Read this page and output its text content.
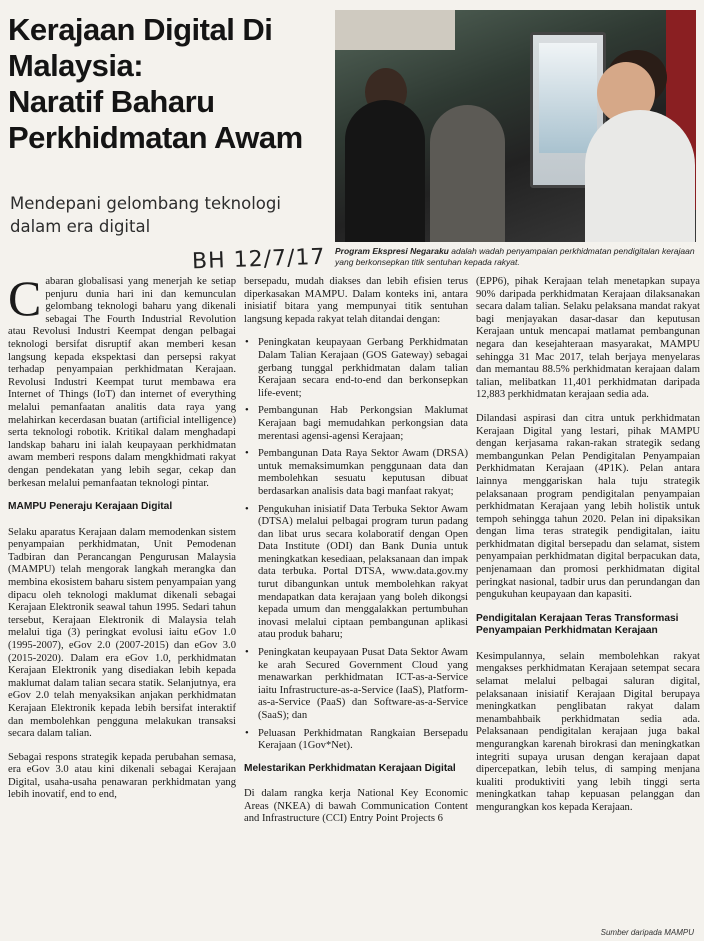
Kerajaan Digital Di
Malaysia:
Naratif Baharu
Perkhidmatan Awam
Mendepani gelombang teknologi dalam era digital
Program Ekspresi Negaraku adalah wadah penyampaian perkhidmatan pendigitalan kerajaan yang berkonsepkan titik sentuhan kepada rakyat.
BH 12/7/17

Cabaran globalisasi yang menerjah ke setiap penjuru dunia hari ini dan kemunculan gelombang teknologi baharu yang dikenali sebagai The Fourth Industrial Revolution atau Revolusi Industri Keempat dengan pelbagai teknologi bersifat disruptif akan memberi kesan langsung kepada ekspektasi dan persepsi rakyat terhadap penyampaian perkhidmatan Kerajaan. Revolusi Industri Keempat turut membawa era Internet of Things (IoT) dan internet of everything melalui pemanfaatan analitis data raya yang melahirkan kecerdasan buatan (artificial intelligence) serta teknologi robotik. Kritikal dalam menghadapi landskap baharu ini ialah keupayaan perkhidmatan awam memberi respons dalam mengkhidmati rakyat dengan pendekatan yang lebih segar, cekap dan berkesan melalui pemanfaatan teknologi pintar.

MAMPU Peneraju Kerajaan Digital

Selaku aparatus Kerajaan dalam memodenkan sistem penyampaian perkhidmatan, Unit Pemodenan Tadbiran dan Perancangan Pengurusan Malaysia (MAMPU) telah mengorak langkah merangka dan membina ekosistem baharu sistem penyampaian yang dipacu oleh teknologi maklumat dikenali sebagai Kerajaan Elektronik seawal tahun 1995. Sedari tahun tersebut, Kerajaan Elektronik di Malaysia telah melalui tiga (3) peringkat evolusi iaitu eGov 1.0 (1995-2007), eGov 2.0 (2007-2015) dan eGov 3.0 (2015-2020). Dalam era eGov 1.0, perkhidmatan Kerajaan Elektronik yang disediakan lebih kepada maklumat dalam talian secara statik. Selanjutnya, era eGov 2.0 telah menyaksikan anjakan perkhidmatan Kerajaan Elektronik kepada lebih bersifat interaktif dan membolehkan pengguna melakukan transaksi secara dalam talian.

Sebagai respons strategik kepada perubahan semasa, era eGov 3.0 atau kini dikenali sebagai Kerajaan Digital, usaha-usaha penawaran perkhidmatan yang lebih inovatif, end to end,

bersepadu, mudah diakses dan lebih efisien terus diperkasakan MAMPU. Dalam konteks ini, antara inisiatif bitara yang mempunyai titik sentuhan langsung kepada rakyat telah ditandai dengan:

• Peningkatan keupayaan Gerbang Perkhidmatan Dalam Talian Kerajaan (GOS Gateway) sebagai gerbang tunggal perkhidmatan dalam talian Kerajaan secara end-to-end dan berkonsepkan life-event;
• Pembangunan Hab Perkongsian Maklumat Kerajaan bagi memudahkan perkongsian data merentasi agensi-agensi Kerajaan;
• Pembangunan Data Raya Sektor Awam (DRSA) untuk memaksimumkan penggunaan data dan membolehkan sesuatu keputusan dibuat berdasarkan analisis data bagi manfaat rakyat;
• Pengukuhan inisiatif Data Terbuka Sektor Awam (DTSA) melalui pelbagai program turun padang dan libat urus secara kolaboratif dengan Open Data Institute (ODI) dan Bank Dunia untuk meningkatkan kesediaan, pelaksanaan dan impak data terbuka. Portal DTSA, www.data.gov.my turut dibangunkan untuk membolehkan rakyat mendapatkan data kerajaan yang boleh dikongsi kepada umum dan menggalakkan pertumbuhan inovasi melalui ciptaan pembangunan aplikasi atau produk baharu;
• Peningkatan keupayaan Pusat Data Sektor Awam ke arah Secured Government Cloud yang menawarkan perkhidmatan ICT-as-a-Service iaitu Infrastructure-as-a-Service (IaaS), Platform-as-a-Service (PaaS) dan Software-as-a-Service (SaaS); dan
• Peluasan Perkhidmatan Rangkaian Bersepadu Kerajaan (1Gov*Net).
Melestarikan Perkhidmatan Kerajaan Digital

Di dalam rangka kerja National Key Economic Areas (NKEA) di bawah Communication Content and Infrastructure (CCI) Entry Point Projects 6

(EPP6), pihak Kerajaan telah menetapkan supaya 90% daripada perkhidmatan Kerajaan dilaksanakan secara dalam talian. Selaku pelaksana mandat rakyat bagi menjayakan dasar-dasar dan keputusan Kerajaan untuk mencapai matlamat pembangunan negara dan kesejahteraan masyarakat, MAMPU sehingga 31 Mac 2017, telah berjaya menyelaras dan memantau 88.5% perkhidmatan kerajaan dalam talian, melibatkan 11,401 perkhidmatan daripada 12,883 perkhidmatan kerajaan sedia ada.

Dilandasi aspirasi dan citra untuk perkhidmatan Kerajaan Digital yang lestari, pihak MAMPU dengan kerjasama rakan-rakan strategik sedang membangunkan Pelan Pendigitalan Penyampaian Perkhidmatan Kerajaan (4P1K). Pelan antara lainnya menggariskan hala tuju strategik pelaksanaan program pendigitalan penyampaian perkhidmatan Kerajaan yang lebih holistik untuk tempoh sehingga tahun 2020. Pelan ini dipaksikan dengan lima teras strategik pendigitalan, iaitu perkhidmatan digital bersepadu dan selamat, sistem penyampaian perkhidmatan digital berpacukan data, penjenamaan dan promosi perkhidmatan digital peringkat nasional, tadbir urus dan perundangan dan pengukuhan keupayaan dan kapasiti.

Pendigitalan Kerajaan Teras Transformasi Penyampaian Perkhidmatan Kerajaan

Kesimpulannya, selain membolehkan rakyat mengakses perkhidmatan Kerajaan setempat secara selamat melalui pelbagai saluran digital, pelaksanaan inisiatif Kerajaan Digital berupaya meningkatkan penglibatan rakyat dalam menambahbaik perkhidmatan sedia ada. Pelaksanaan pendigitalan kerajaan juga bakal mengurangkan karenah birokrasi dan meningkatkan integriti supaya urusan dengan kerajaan dapat dipercepatkan, lebih telus, di samping menjana kualiti produktiviti yang lebih tinggi serta meningkatkan tahap kepuasan pelanggan dan mengurangkan kos kepada Kerajaan.

Sumber daripada MAMPU
